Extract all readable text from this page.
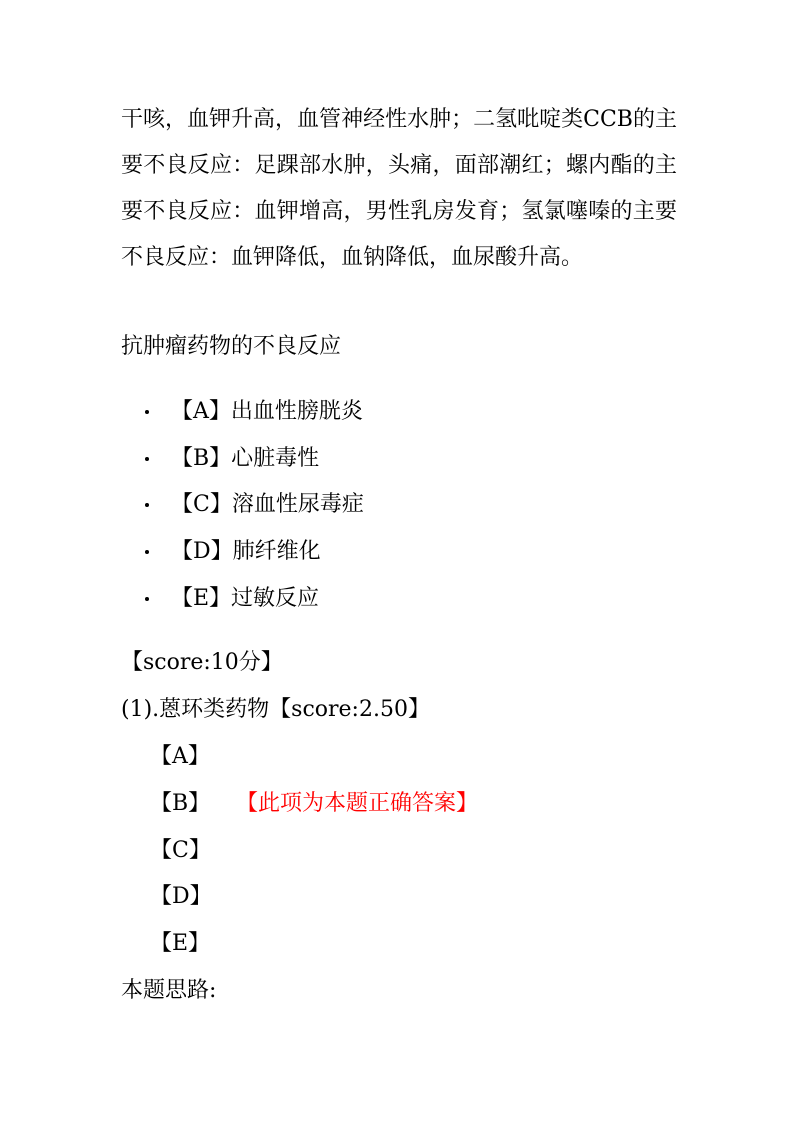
干咳，血钾升高，血管神经性水肿；二氢吡啶类CCB的主要不良反应：足踝部水肿，头痛，面部潮红；螺内酯的主要不良反应：血钾增高，男性乳房发育；氢氯噻嗪的主要不良反应：血钾降低，血钠降低，血尿酸升高。

抗肿瘤药物的不良反应

【A】出血性膀胱炎
【B】心脏毒性
【C】溶血性尿毒症
【D】肺纤维化
【E】过敏反应

【score:10分】

(1).蒽环类药物【score:2.50】

【A】
【B】 【此项为本题正确答案】
【C】
【D】
【E】

本题思路:
